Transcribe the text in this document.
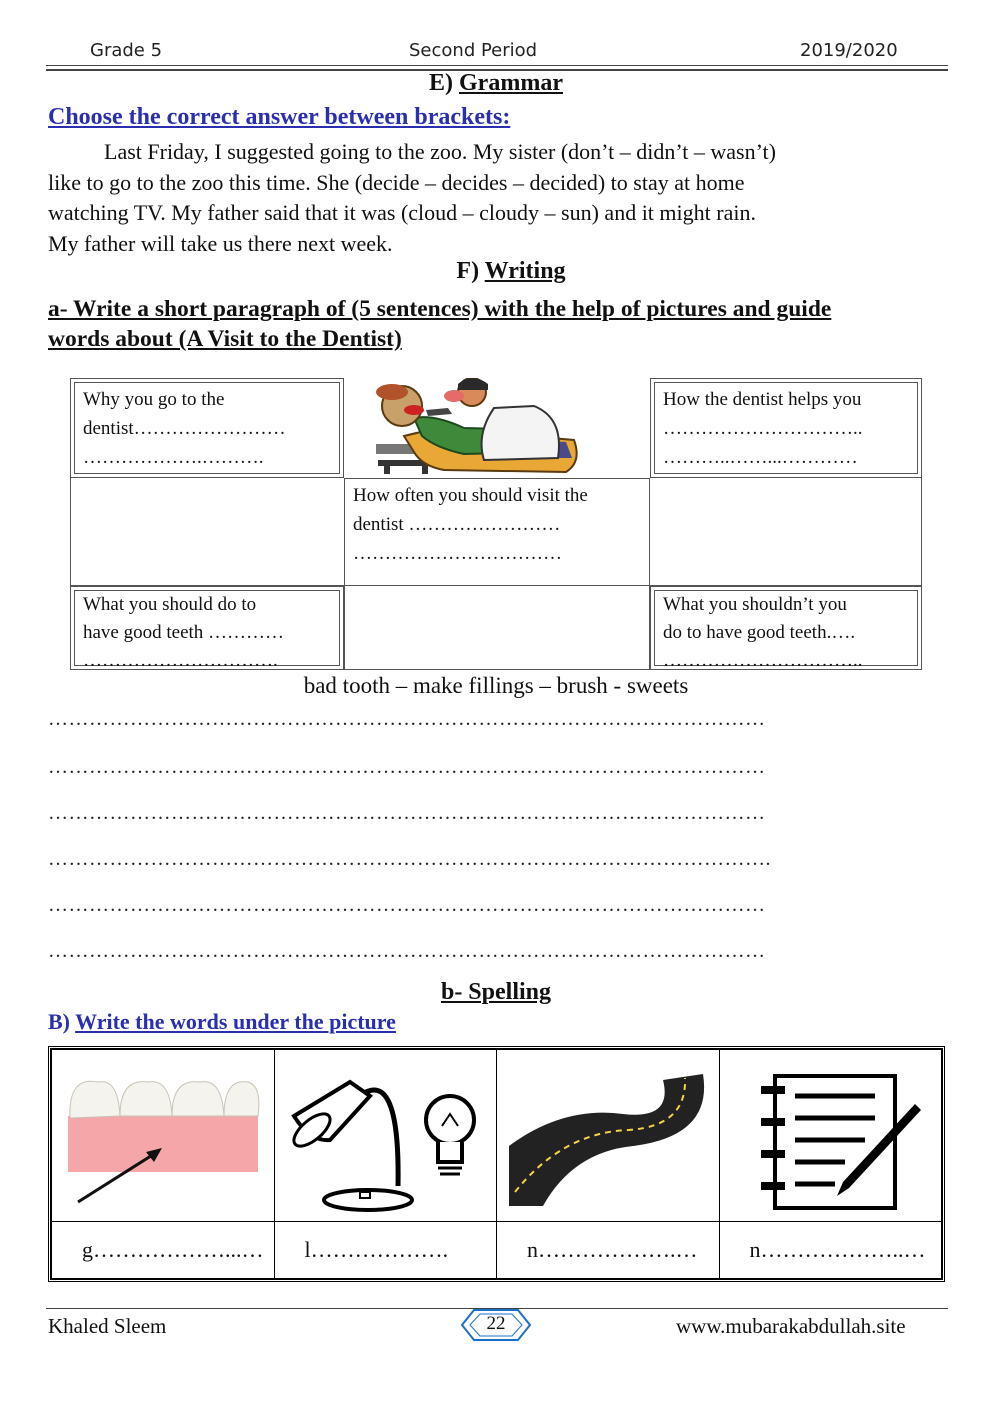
Grade 5	Second Period	2019/2020
E) Grammar
Choose the correct answer between brackets:
Last Friday, I suggested going to the zoo. My sister (don’t – didn’t – wasn’t)
like to go to the zoo this time. She (decide – decides – decided) to stay at home
watching TV. My father said that it was (cloud – cloudy – sun) and it might rain.
My father will take us there next week.
F) Writing
a- Write a short paragraph of (5 sentences) with the help of pictures and guide
words about (A Visit to the Dentist)
Why you go to the
dentist……………………
……………….……….
How the dentist helps you
…………………………..
………..……...…………
How often you should visit the
dentist ……………………
……………………………
What you should do to
have good teeth …………
………………………….
What you shouldn’t you
do to have good teeth.….
…………………………..
bad tooth – make fillings – brush - sweets
……………………………………………………………………………………………
……………………………………………………………………………………………
……………………………………………………………………………………………
…………………………………………………………………………………………….
……………………………………………………………………………………………
……………………………………………………………………………………………
b- Spelling
B) Write the words under the picture

g………………...…	l……………….	n……………….…	n………………..…
Khaled Sleem	22	www.mubarakabdullah.site
